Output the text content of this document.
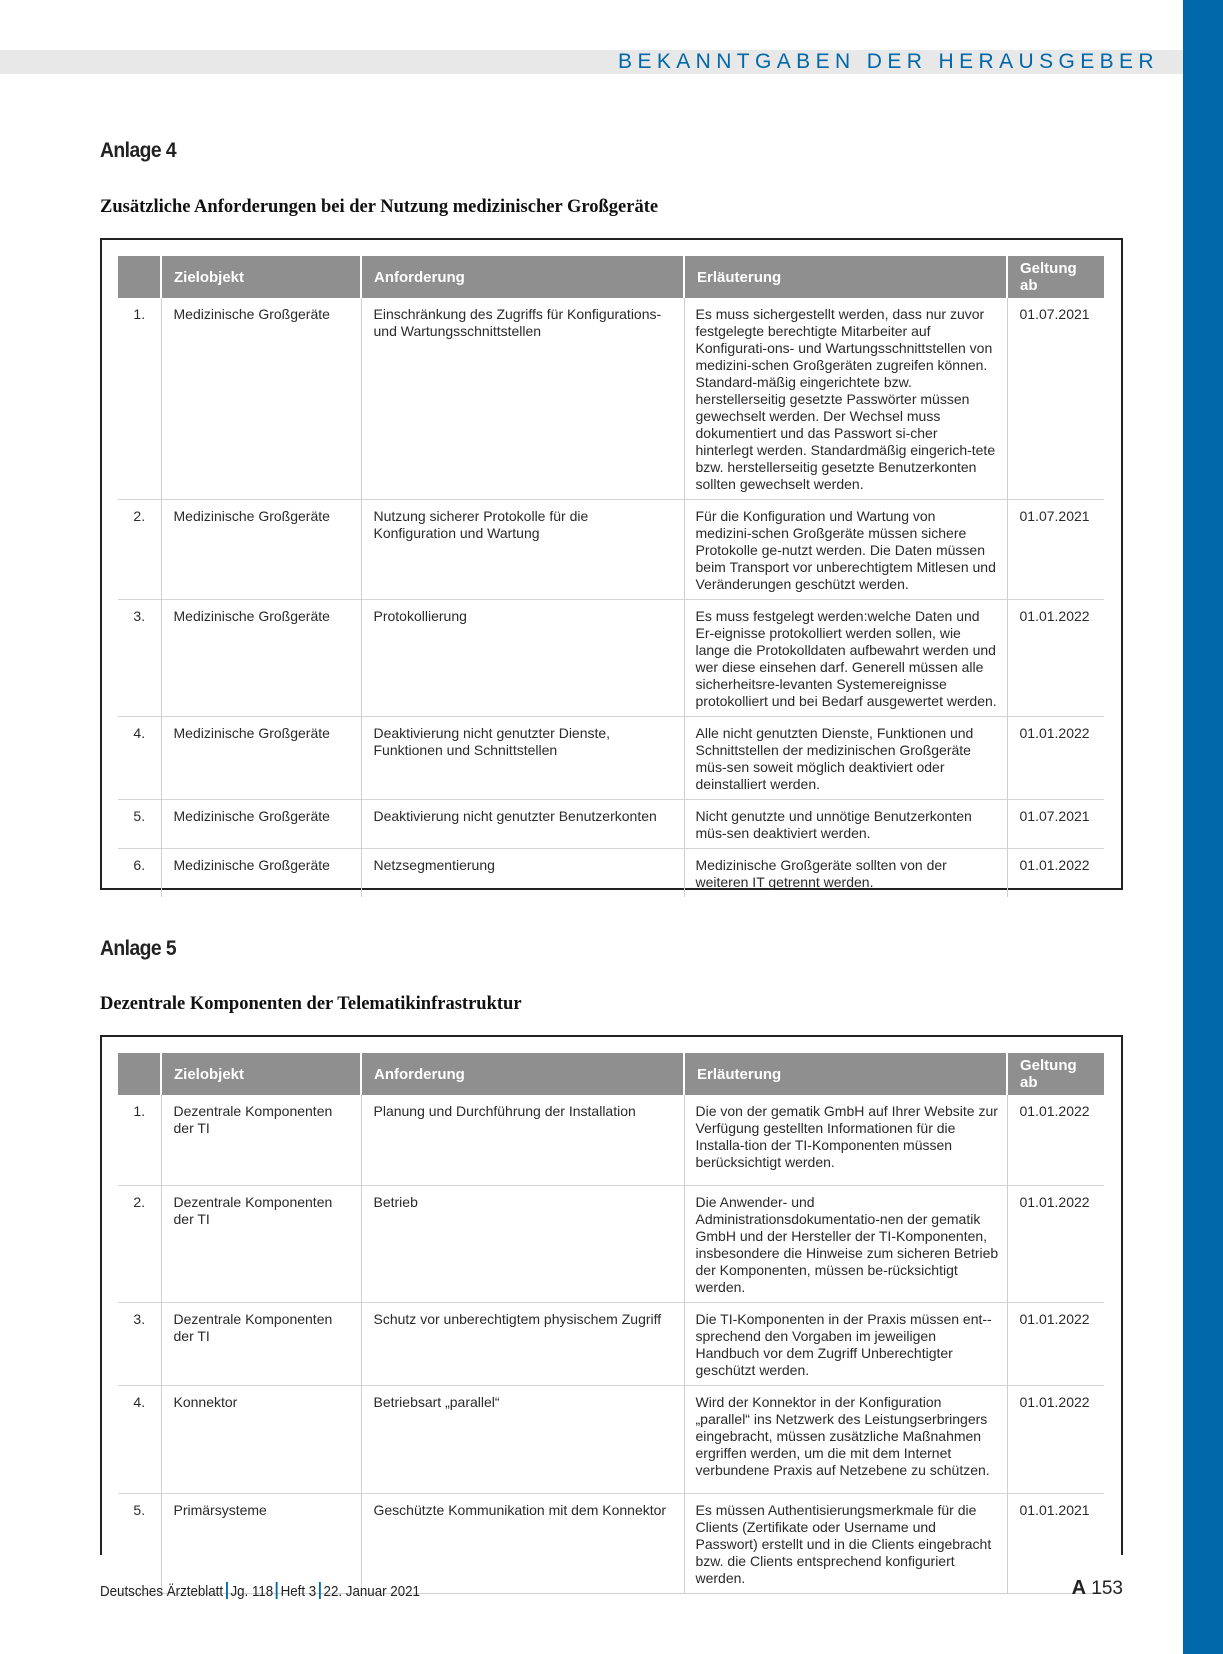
BEKANNTGABEN DER HERAUSGEBER
Anlage 4
Zusätzliche Anforderungen bei der Nutzung medizinischer Großgeräte
	Zielobjekt	Anforderung	Erläuterung	Geltung ab
1.	Medizinische Großgeräte	Einschränkung des Zugriffs für Konfigurations- und Wartungsschnittstellen	Es muss sichergestellt werden, dass nur zuvor festgelegte berechtigte Mitarbeiter auf Konfigurati-ons- und Wartungsschnittstellen von medizini-schen Großgeräten zugreifen können. Standard-mäßig eingerichtete bzw. herstellerseitig gesetzte Passwörter müssen gewechselt werden. Der Wechsel muss dokumentiert und das Passwort si-cher hinterlegt werden. Standardmäßig eingerich-tete bzw. herstellerseitig gesetzte Benutzerkonten sollten gewechselt werden.	01.07.2021
2.	Medizinische Großgeräte	Nutzung sicherer Protokolle für die Konfiguration und Wartung	Für die Konfiguration und Wartung von medizini-schen Großgeräte müssen sichere Protokolle ge-nutzt werden. Die Daten müssen beim Transport vor unberechtigtem Mitlesen und Veränderungen geschützt werden.	01.07.2021
3.	Medizinische Großgeräte	Protokollierung	Es muss festgelegt werden:welche Daten und Er-eignisse protokolliert werden sollen, wie lange die Protokolldaten aufbewahrt werden und wer diese einsehen darf. Generell müssen alle sicherheitsre-levanten Systemereignisse protokolliert und bei Bedarf ausgewertet werden.	01.01.2022
4.	Medizinische Großgeräte	Deaktivierung nicht genutzter Dienste, Funktionen und Schnittstellen	Alle nicht genutzten Dienste, Funktionen und Schnittstellen der medizinischen Großgeräte müs-sen soweit möglich deaktiviert oder deinstalliert werden.	01.01.2022
5.	Medizinische Großgeräte	Deaktivierung nicht genutzter Benutzerkonten	Nicht genutzte und unnötige Benutzerkonten müs-sen deaktiviert werden.	01.07.2021
6.	Medizinische Großgeräte	Netzsegmentierung	Medizinische Großgeräte sollten von der weiteren IT getrennt werden.	01.01.2022
Anlage 5
Dezentrale Komponenten der Telematikinfrastruktur
	Zielobjekt	Anforderung	Erläuterung	Geltung ab
1.	Dezentrale Komponenten der TI	Planung und Durchführung der Installation	Die von der gematik GmbH auf Ihrer Website zur Verfügung gestellten Informationen für die Installa-tion der TI-Komponenten müssen berücksichtigt werden.	01.01.2022
2.	Dezentrale Komponenten der TI	Betrieb	Die Anwender- und Administrationsdokumentatio-nen der gematik GmbH und der Hersteller der TI-Komponenten, insbesondere die Hinweise zum sicheren Betrieb der Komponenten, müssen be-rücksichtigt werden.	01.01.2022
3.	Dezentrale Komponenten der TI	Schutz vor unberechtigtem physischem Zugriff	Die TI-Komponenten in der Praxis müssen ent-sprechend den Vorgaben im jeweiligen Handbuch vor dem Zugriff Unberechtigter geschützt werden.	01.01.2022
4.	Konnektor	Betriebsart „parallel“	Wird der Konnektor in der Konfiguration „parallel“ ins Netzwerk des Leistungserbringers eingebracht, müssen zusätzliche Maßnahmen ergriffen werden, um die mit dem Internet verbundene Praxis auf Netzebene zu schützen.	01.01.2022
5.	Primärsysteme	Geschützte Kommunikation mit dem Konnektor	Es müssen Authentisierungsmerkmale für die Clients (Zertifikate oder Username und Passwort) erstellt und in die Clients eingebracht bzw. die Clients entsprechend konfiguriert werden.	01.01.2021
Deutsches Ärzteblatt Jg. 118 Heft 3 22. Januar 2021	A 153
